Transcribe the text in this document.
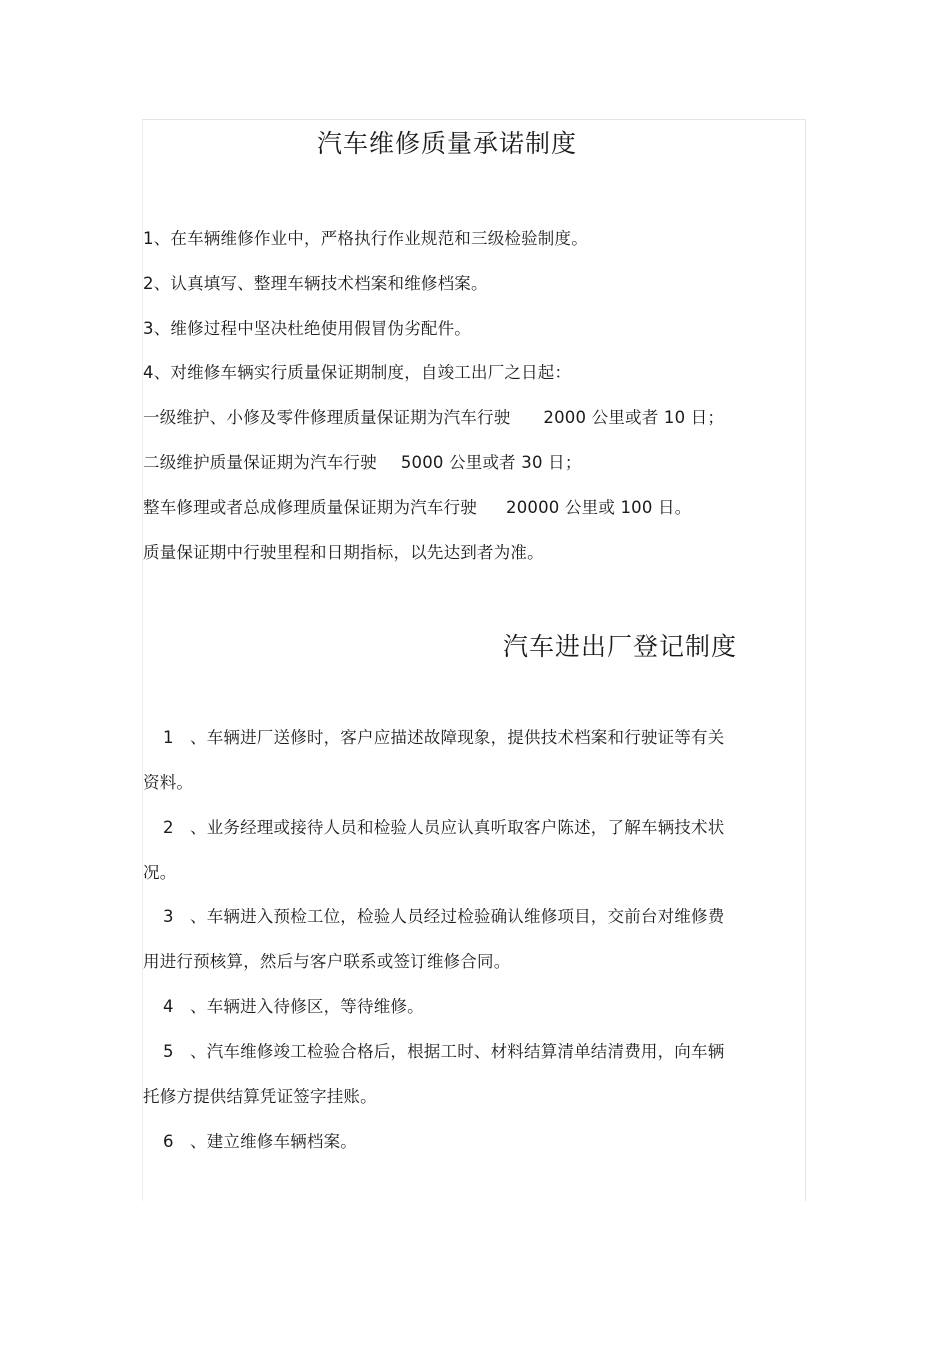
汽车维修质量承诺制度
1、在车辆维修作业中，严格执行作业规范和三级检验制度。
2、认真填写、整理车辆技术档案和维修档案。
3、维修过程中坚决杜绝使用假冒伪劣配件。
4、对维修车辆实行质量保证期制度，自竣工出厂之日起：
一级维护、小修及零件修理质量保证期为汽车行驶 2000 公里或者 10 日；
二级维护质量保证期为汽车行驶 5000 公里或者 30 日；
整车修理或者总成修理质量保证期为汽车行驶 20000 公里或 100 日。
质量保证期中行驶里程和日期指标，以先达到者为准。
汽车进出厂登记制度
1 、车辆进厂送修时，客户应描述故障现象，提供技术档案和行驶证等有关
资料。
2 、业务经理或接待人员和检验人员应认真听取客户陈述，了解车辆技术状
况。
3 、车辆进入预检工位，检验人员经过检验确认维修项目，交前台对维修费
用进行预核算，然后与客户联系或签订维修合同。
4 、车辆进入待修区，等待维修。
5 、汽车维修竣工检验合格后，根据工时、材料结算清单结清费用，向车辆
托修方提供结算凭证签字挂账。
6 、建立维修车辆档案。
